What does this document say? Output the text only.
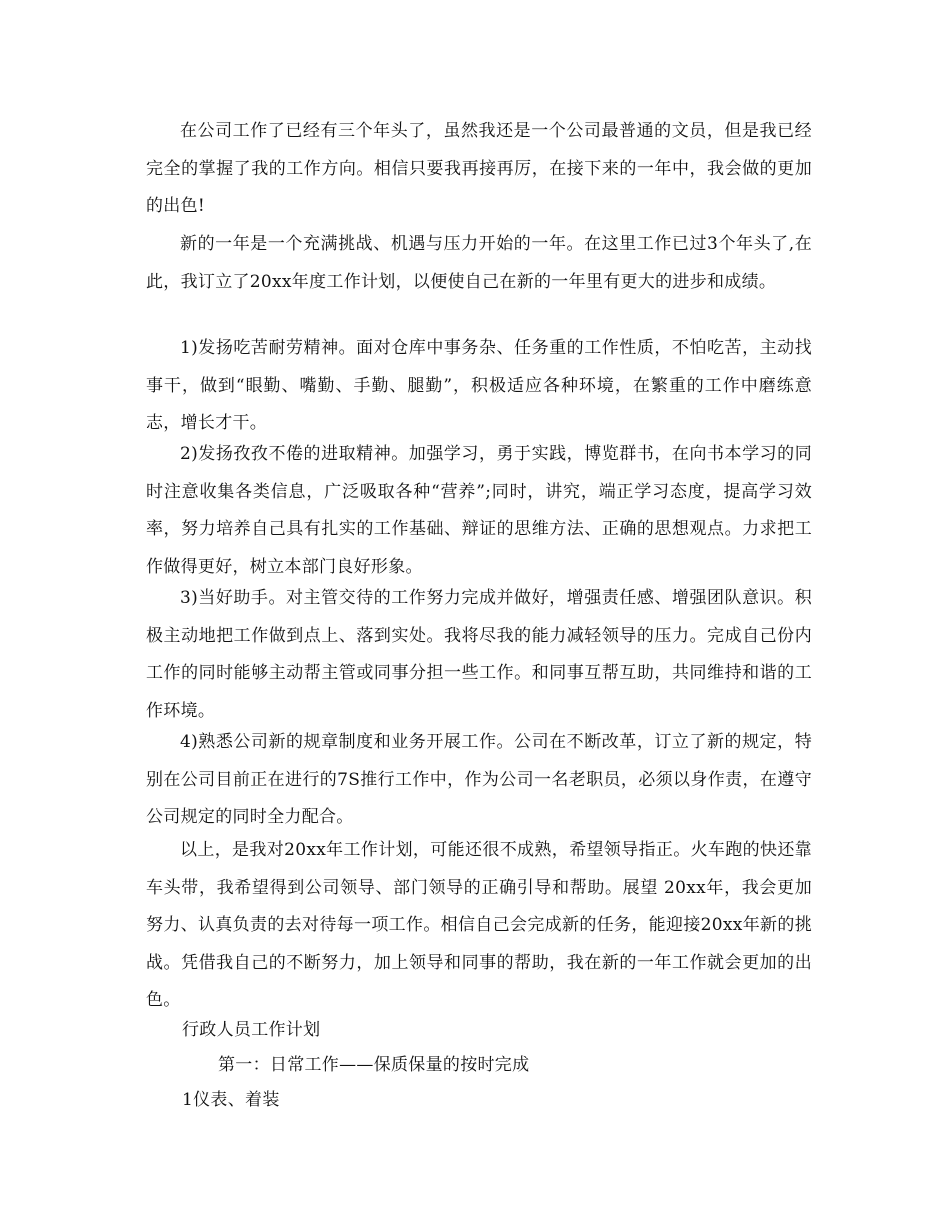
在公司工作了已经有三个年头了，虽然我还是一个公司最普通的文员，但是我已经完全的掌握了我的工作方向。相信只要我再接再厉，在接下来的一年中，我会做的更加的出色!

新的一年是一个充满挑战、机遇与压力开始的一年。在这里工作已过3个年头了,在此，我订立了20xx年度工作计划，以便使自己在新的一年里有更大的进步和成绩。

1)发扬吃苦耐劳精神。面对仓库中事务杂、任务重的工作性质，不怕吃苦，主动找事干，做到“眼勤、嘴勤、手勤、腿勤”，积极适应各种环境，在繁重的工作中磨练意志，增长才干。

2)发扬孜孜不倦的进取精神。加强学习，勇于实践，博览群书，在向书本学习的同时注意收集各类信息，广泛吸取各种“营养”;同时，讲究，端正学习态度，提高学习效率，努力培养自己具有扎实的工作基础、辩证的思维方法、正确的思想观点。力求把工作做得更好，树立本部门良好形象。

3)当好助手。对主管交待的工作努力完成并做好，增强责任感、增强团队意识。积极主动地把工作做到点上、落到实处。我将尽我的能力减轻领导的压力。完成自己份内工作的同时能够主动帮主管或同事分担一些工作。和同事互帮互助，共同维持和谐的工作环境。

4)熟悉公司新的规章制度和业务开展工作。公司在不断改革，订立了新的规定，特别在公司目前正在进行的7S推行工作中，作为公司一名老职员，必须以身作责，在遵守公司规定的同时全力配合。

以上，是我对20xx年工作计划，可能还很不成熟，希望领导指正。火车跑的快还靠车头带，我希望得到公司领导、部门领导的正确引导和帮助。展望 20xx年，我会更加努力、认真负责的去对待每一项工作。相信自己会完成新的任务，能迎接20xx年新的挑战。凭借我自己的不断努力，加上领导和同事的帮助，我在新的一年工作就会更加的出色。

行政人员工作计划

第一：日常工作——保质保量的按时完成

1仪表、着装
